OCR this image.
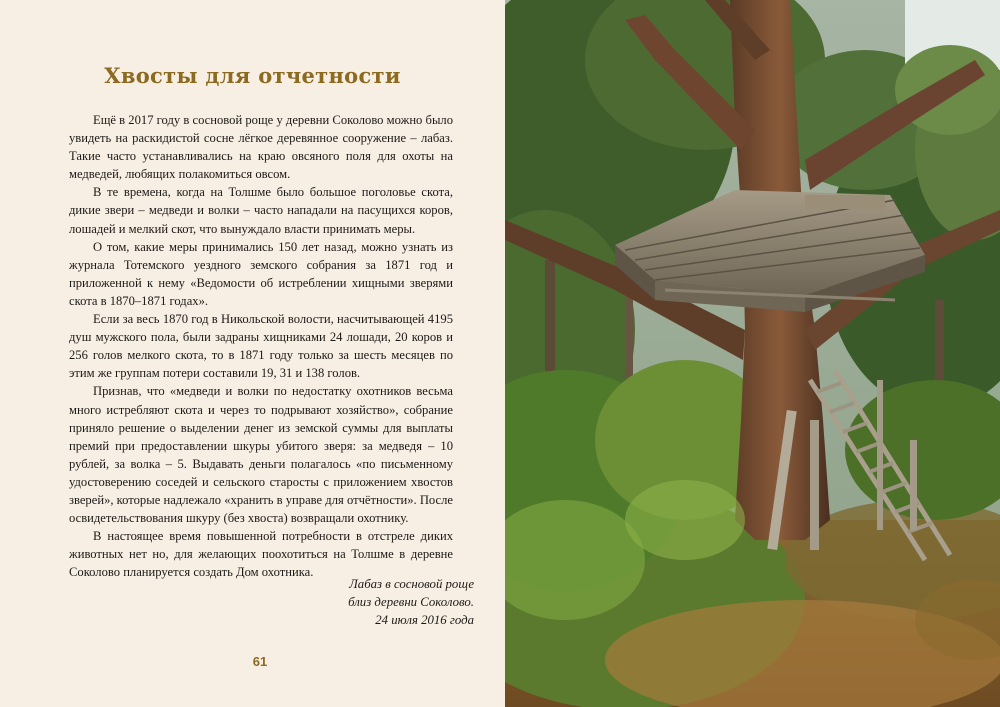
Хвосты для отчетности

Ещё в 2017 году в сосновой роще у деревни Соколово можно было увидеть на раскидистой сосне лёгкое деревянное сооружение – лабаз. Такие часто устанавливались на краю овсяного поля для охоты на медведей, любящих полакомиться овсом.

В те времена, когда на Толшме было большое поголовье скота, дикие звери – медведи и волки – часто нападали на пасущихся коров, лошадей и мелкий скот, что вынуждало власти принимать меры.

О том, какие меры принимались 150 лет назад, можно узнать из журнала Тотемского уездного земского собрания за 1871 год и приложенной к нему «Ведомости об истреблении хищными зверями скота в 1870–1871 годах».

Если за весь 1870 год в Никольской волости, насчитывающей 4195 душ мужского пола, были задраны хищниками 24 лошади, 20 коров и 256 голов мелкого скота, то в 1871 году только за шесть месяцев по этим же группам потери составили 19, 31 и 138 голов.

Признав, что «медведи и волки по недостатку охотников весьма много истребляют скота и через то подрывают хозяйство», собрание приняло решение о выделении денег из земской суммы для выплаты премий при предоставлении шкуры убитого зверя: за медведя – 10 рублей, за волка – 5. Выдавать деньги полагалось «по письменному удостоверению соседей и сельского старосты с приложением хвостов зверей», которые надлежало «хранить в управе для отчётности». После освидетельствования шкуру (без хвоста) возвращали охотнику.

В настоящее время повышенной потребности в отстреле диких животных нет но, для желающих поохотиться на Толшме в деревне Соколово планируется создать Дом охотника.

Лабаз в сосновой роще
близ деревни Соколово.
24 июля 2016 года
61
